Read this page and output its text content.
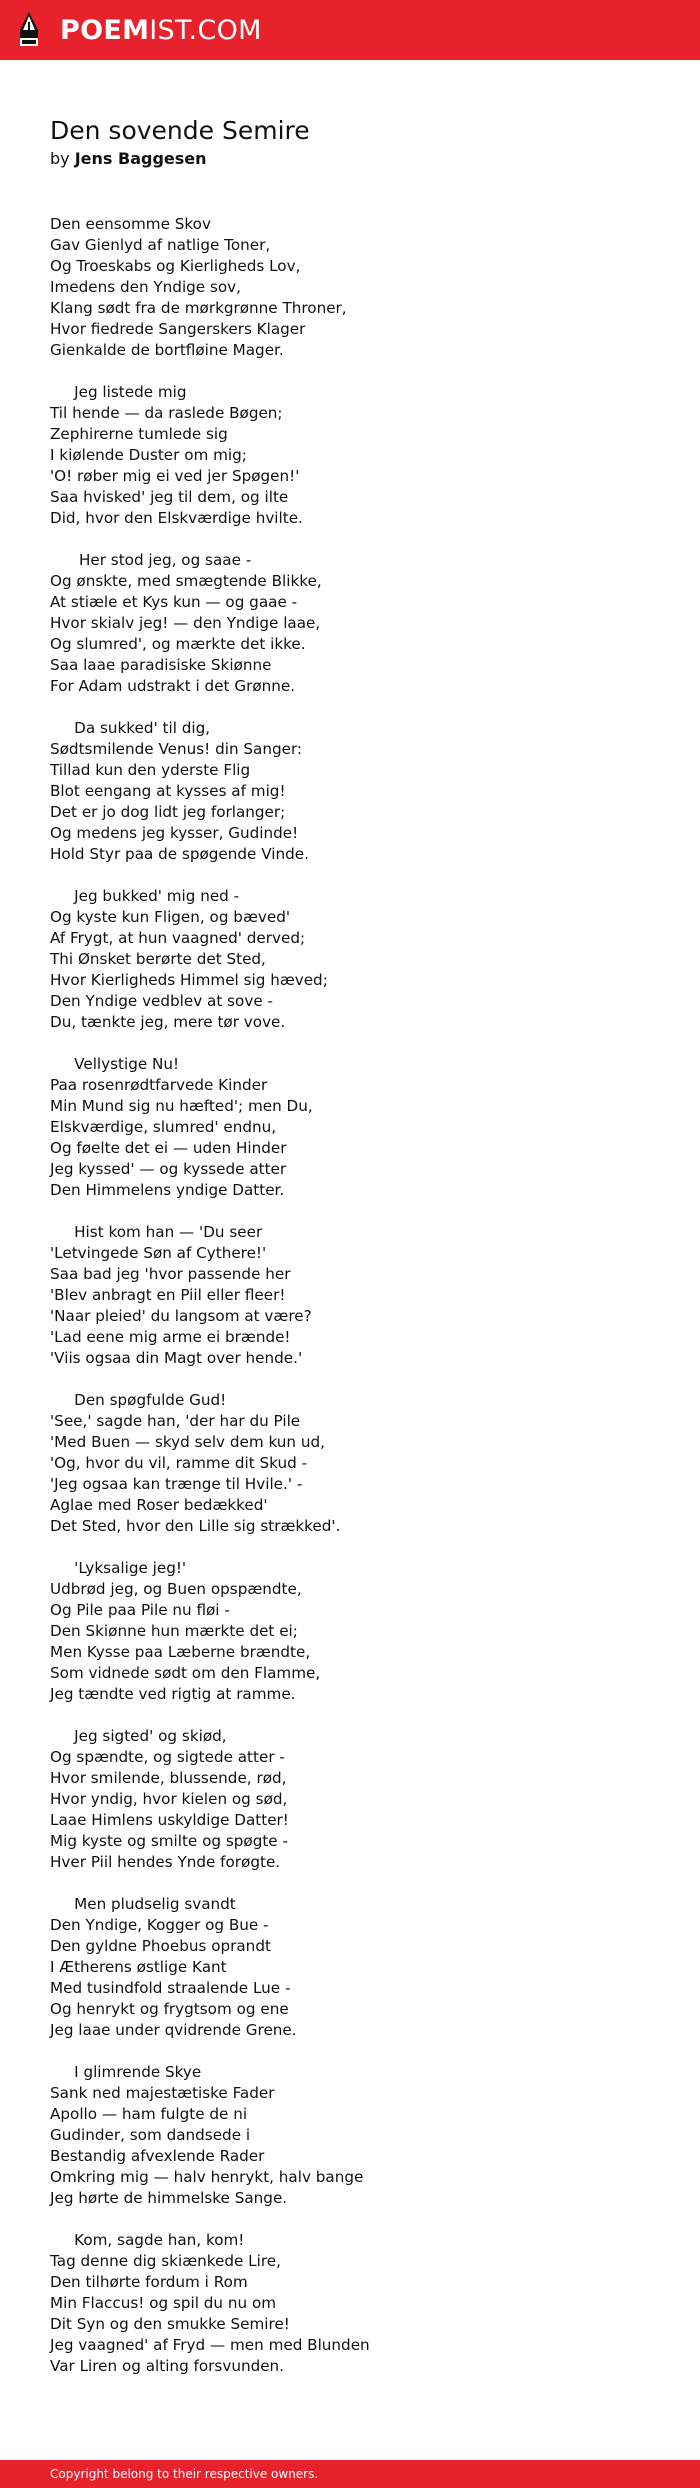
POEMIST.COM
Den sovende Semire
by Jens Baggesen
Den eensomme Skov
Gav Gienlyd af natlige Toner,
Og Troeskabs og Kierligheds Lov,
Imedens den Yndige sov,
Klang sødt fra de mørkgrønne Throner,
Hvor fiedrede Sangerskers Klager
Gienkalde de bortfløine Mager.
Jeg listede mig
Til hende — da raslede Bøgen;
Zephirerne tumlede sig
I kiølende Duster om mig;
'O! røber mig ei ved jer Spøgen!'
Saa hvisked' jeg til dem, og ilte
Did, hvor den Elskværdige hvilte.
Her stod jeg, og saae -
Og ønskte, med smægtende Blikke,
At stiæle et Kys kun — og gaae -
Hvor skialv jeg! — den Yndige laae,
Og slumred', og mærkte det ikke.
Saa laae paradisiske Skiønne
For Adam udstrakt i det Grønne.
Da sukked' til dig,
Sødtsmilende Venus! din Sanger:
Tillad kun den yderste Flig
Blot eengang at kysses af mig!
Det er jo dog lidt jeg forlanger;
Og medens jeg kysser, Gudinde!
Hold Styr paa de spøgende Vinde.
Jeg bukked' mig ned -
Og kyste kun Fligen, og bæved'
Af Frygt, at hun vaagned' derved;
Thi Ønsket berørte det Sted,
Hvor Kierligheds Himmel sig hæved;
Den Yndige vedblev at sove -
Du, tænkte jeg, mere tør vove.
Vellystige Nu!
Paa rosenrødtfarvede Kinder
Min Mund sig nu hæfted'; men Du,
Elskværdige, slumred' endnu,
Og føelte det ei — uden Hinder
Jeg kyssed' — og kyssede atter
Den Himmelens yndige Datter.
Hist kom han — 'Du seer
'Letvingede Søn af Cythere!'
Saa bad jeg 'hvor passende her
'Blev anbragt en Piil eller fleer!
'Naar pleied' du langsom at være?
'Lad eene mig arme ei brænde!
'Viis ogsaa din Magt over hende.'
Den spøgfulde Gud!
'See,' sagde han, 'der har du Pile
'Med Buen — skyd selv dem kun ud,
'Og, hvor du vil, ramme dit Skud -
'Jeg ogsaa kan trænge til Hvile.' -
Aglae med Roser bedækked'
Det Sted, hvor den Lille sig strækked'.
'Lyksalige jeg!'
Udbrød jeg, og Buen opspændte,
Og Pile paa Pile nu fløi -
Den Skiønne hun mærkte det ei;
Men Kysse paa Læberne brændte,
Som vidnede sødt om den Flamme,
Jeg tændte ved rigtig at ramme.
Jeg sigted' og skiød,
Og spændte, og sigtede atter -
Hvor smilende, blussende, rød,
Hvor yndig, hvor kielen og sød,
Laae Himlens uskyldige Datter!
Mig kyste og smilte og spøgte -
Hver Piil hendes Ynde forøgte.
Men pludselig svandt
Den Yndige, Kogger og Bue -
Den gyldne Phoebus oprandt
I Ætherens østlige Kant
Med tusindfold straalende Lue -
Og henrykt og frygtsom og ene
Jeg laae under qvidrende Grene.
I glimrende Skye
Sank ned majestætiske Fader
Apollo — ham fulgte de ni
Gudinder, som dandsede i
Bestandig afvexlende Rader
Omkring mig — halv henrykt, halv bange
Jeg hørte de himmelske Sange.
Kom, sagde han, kom!
Tag denne dig skiænkede Lire,
Den tilhørte fordum i Rom
Min Flaccus! og spil du nu om
Dit Syn og den smukke Semire!
Jeg vaagned' af Fryd — men med Blunden
Var Liren og alting forsvunden.
Copyright belong to their respective owners.
